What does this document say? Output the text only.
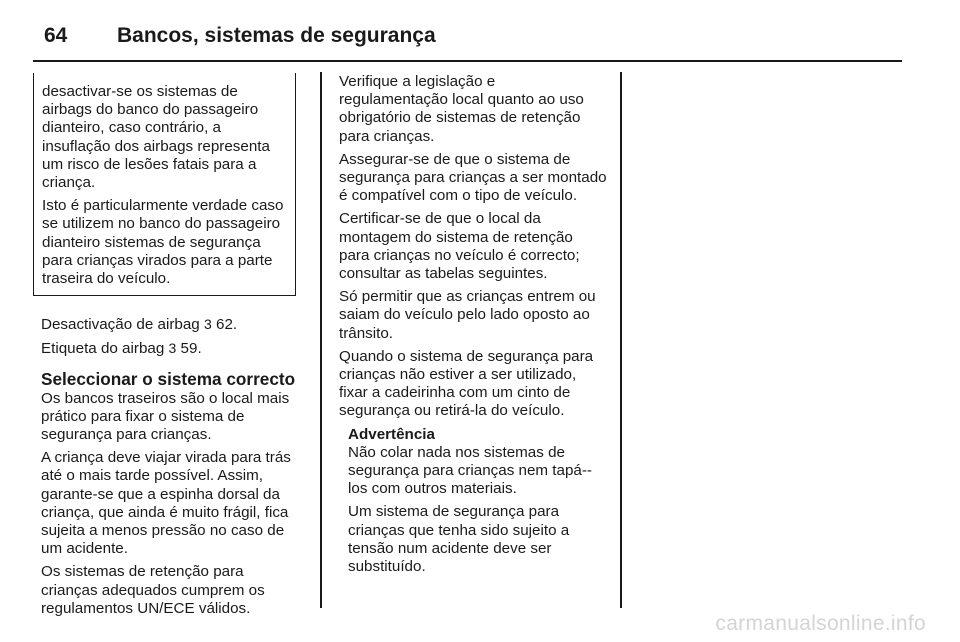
64	Bancos, sistemas de segurança

desactivar-se os sistemas de airbags do banco do passageiro dianteiro, caso contrário, a insuflação dos airbags representa um risco de lesões fatais para a criança.

Isto é particularmente verdade caso se utilizem no banco do passageiro dianteiro sistemas de segurança para crianças virados para a parte traseira do veículo.

Desactivação de airbag 3 62.

Etiqueta do airbag 3 59.

Seleccionar o sistema correcto

Os bancos traseiros são o local mais prático para fixar o sistema de segurança para crianças.

A criança deve viajar virada para trás até o mais tarde possível. Assim, garante-se que a espinha dorsal da criança, que ainda é muito frágil, fica sujeita a menos pressão no caso de um acidente.

Os sistemas de retenção para crianças adequados cumprem os regulamentos UN/ECE válidos.

Verifique a legislação e regulamentação local quanto ao uso obrigatório de sistemas de retenção para crianças.

Assegurar-se de que o sistema de segurança para crianças a ser montado é compatível com o tipo de veículo.

Certificar-se de que o local da montagem do sistema de retenção para crianças no veículo é correcto; consultar as tabelas seguintes.

Só permitir que as crianças entrem ou saiam do veículo pelo lado oposto ao trânsito.

Quando o sistema de segurança para crianças não estiver a ser utilizado, fixar a cadeirinha com um cinto de segurança ou retirá-la do veículo.

Advertência

Não colar nada nos sistemas de segurança para crianças nem tapá--los com outros materiais.

Um sistema de segurança para crianças que tenha sido sujeito a tensão num acidente deve ser substituído.

carmanualsonline.info
